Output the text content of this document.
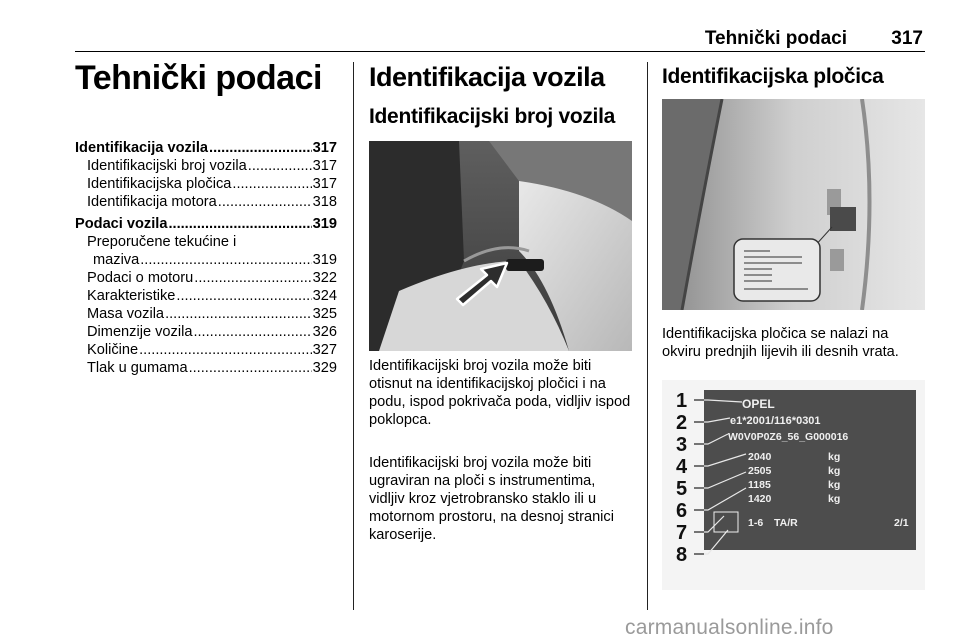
Tehnički podaci 317
Tehnički podaci
Identifikacija vozila .....	317
Identifikacijski broj vozila .....	317
Identifikacijska pločica .....	317
Identifikacija motora .....	318
Podaci vozila .....	319
Preporučene tekućine i
maziva .....	319
Podaci o motoru .....	322
Karakteristike .....	324
Masa vozila .....	325
Dimenzije vozila .....	326
Količine .....	327
Tlak u gumama .....	329
Identifikacija vozila
Identifikacijski broj vozila
Identifikacijski broj vozila može biti otisnut na identifikacijskoj pločici i na podu, ispod pokrivača poda, vidljiv ispod poklopca.
Identifikacijski broj vozila može biti ugraviran na ploči s instrumentima, vidljiv kroz vjetrobransko staklo ili u motornom prostoru, na desnoj stranici karoserije.
Identifikacijska pločica
Identifikacijska pločica se nalazi na okviru prednjih lijevih ili desnih vrata.
1
2
3
4
5
6
7
8
OPEL
e1*2001/116*0301
W0V0P0Z6_56_G000016
2040	kg
2505	kg
1185	kg
1420	kg
1-6 TA/R	2/1
carmanualsonline.info
